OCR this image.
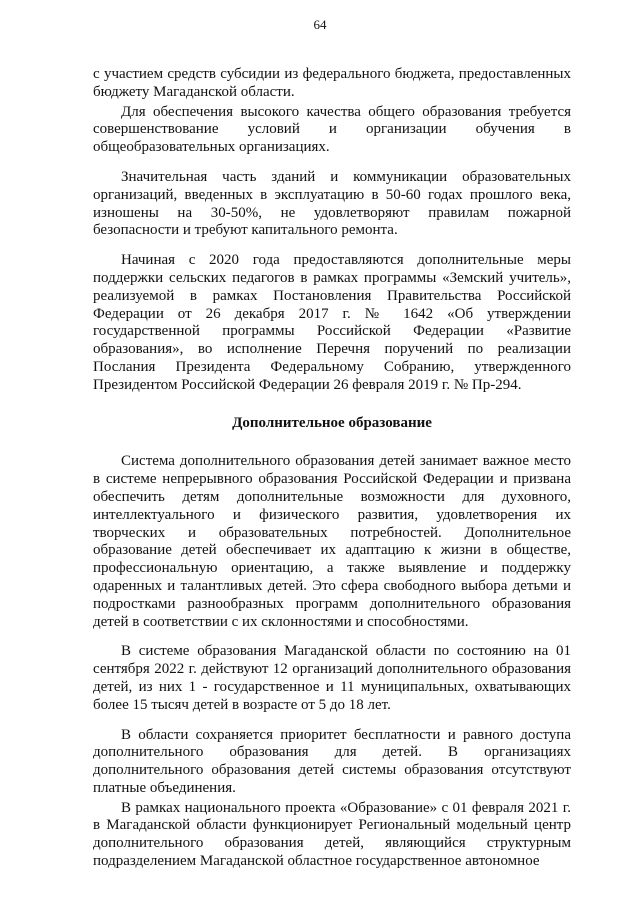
64

с участием средств субсидии из федерального бюджета, предоставленных бюджету Магаданской области.

Для обеспечения высокого качества общего образования требуется совершенствование условий и организации обучения в общеобразовательных организациях.

Значительная часть зданий и коммуникации образовательных организаций, введенных в эксплуатацию в 50-60 годах прошлого века, изношены на 30-50%, не удовлетворяют правилам пожарной безопасности и требуют капитального ремонта.

Начиная с 2020 года предоставляются дополнительные меры поддержки сельских педагогов в рамках программы «Земский учитель», реализуемой в рамках Постановления Правительства Российской Федерации от 26 декабря 2017 г. № 1642 «Об утверждении государственной программы Российской Федерации «Развитие образования», во исполнение Перечня поручений по реализации Послания Президента Федеральному Собранию, утвержденного Президентом Российской Федерации 26 февраля 2019 г. № Пр-294.

Дополнительное образование

Система дополнительного образования детей занимает важное место в системе непрерывного образования Российской Федерации и призвана обеспечить детям дополнительные возможности для духовного, интеллектуального и физического развития, удовлетворения их творческих и образовательных потребностей. Дополнительное образование детей обеспечивает их адаптацию к жизни в обществе, профессиональную ориентацию, а также выявление и поддержку одаренных и талантливых детей. Это сфера свободного выбора детьми и подростками разнообразных программ дополнительного образования детей в соответствии с их склонностями и способностями.

В системе образования Магаданской области по состоянию на 01 сентября 2022 г. действуют 12 организаций дополнительного образования детей, из них 1 - государственное и 11 муниципальных, охватывающих более 15 тысяч детей в возрасте от 5 до 18 лет.

В области сохраняется приоритет бесплатности и равного доступа дополнительного образования для детей. В организациях дополнительного образования детей системы образования отсутствуют платные объединения.

В рамках национального проекта «Образование» с 01 февраля 2021 г. в Магаданской области функционирует Региональный модельный центр дополнительного образования детей, являющийся структурным подразделением Магаданской областное государственное автономное
